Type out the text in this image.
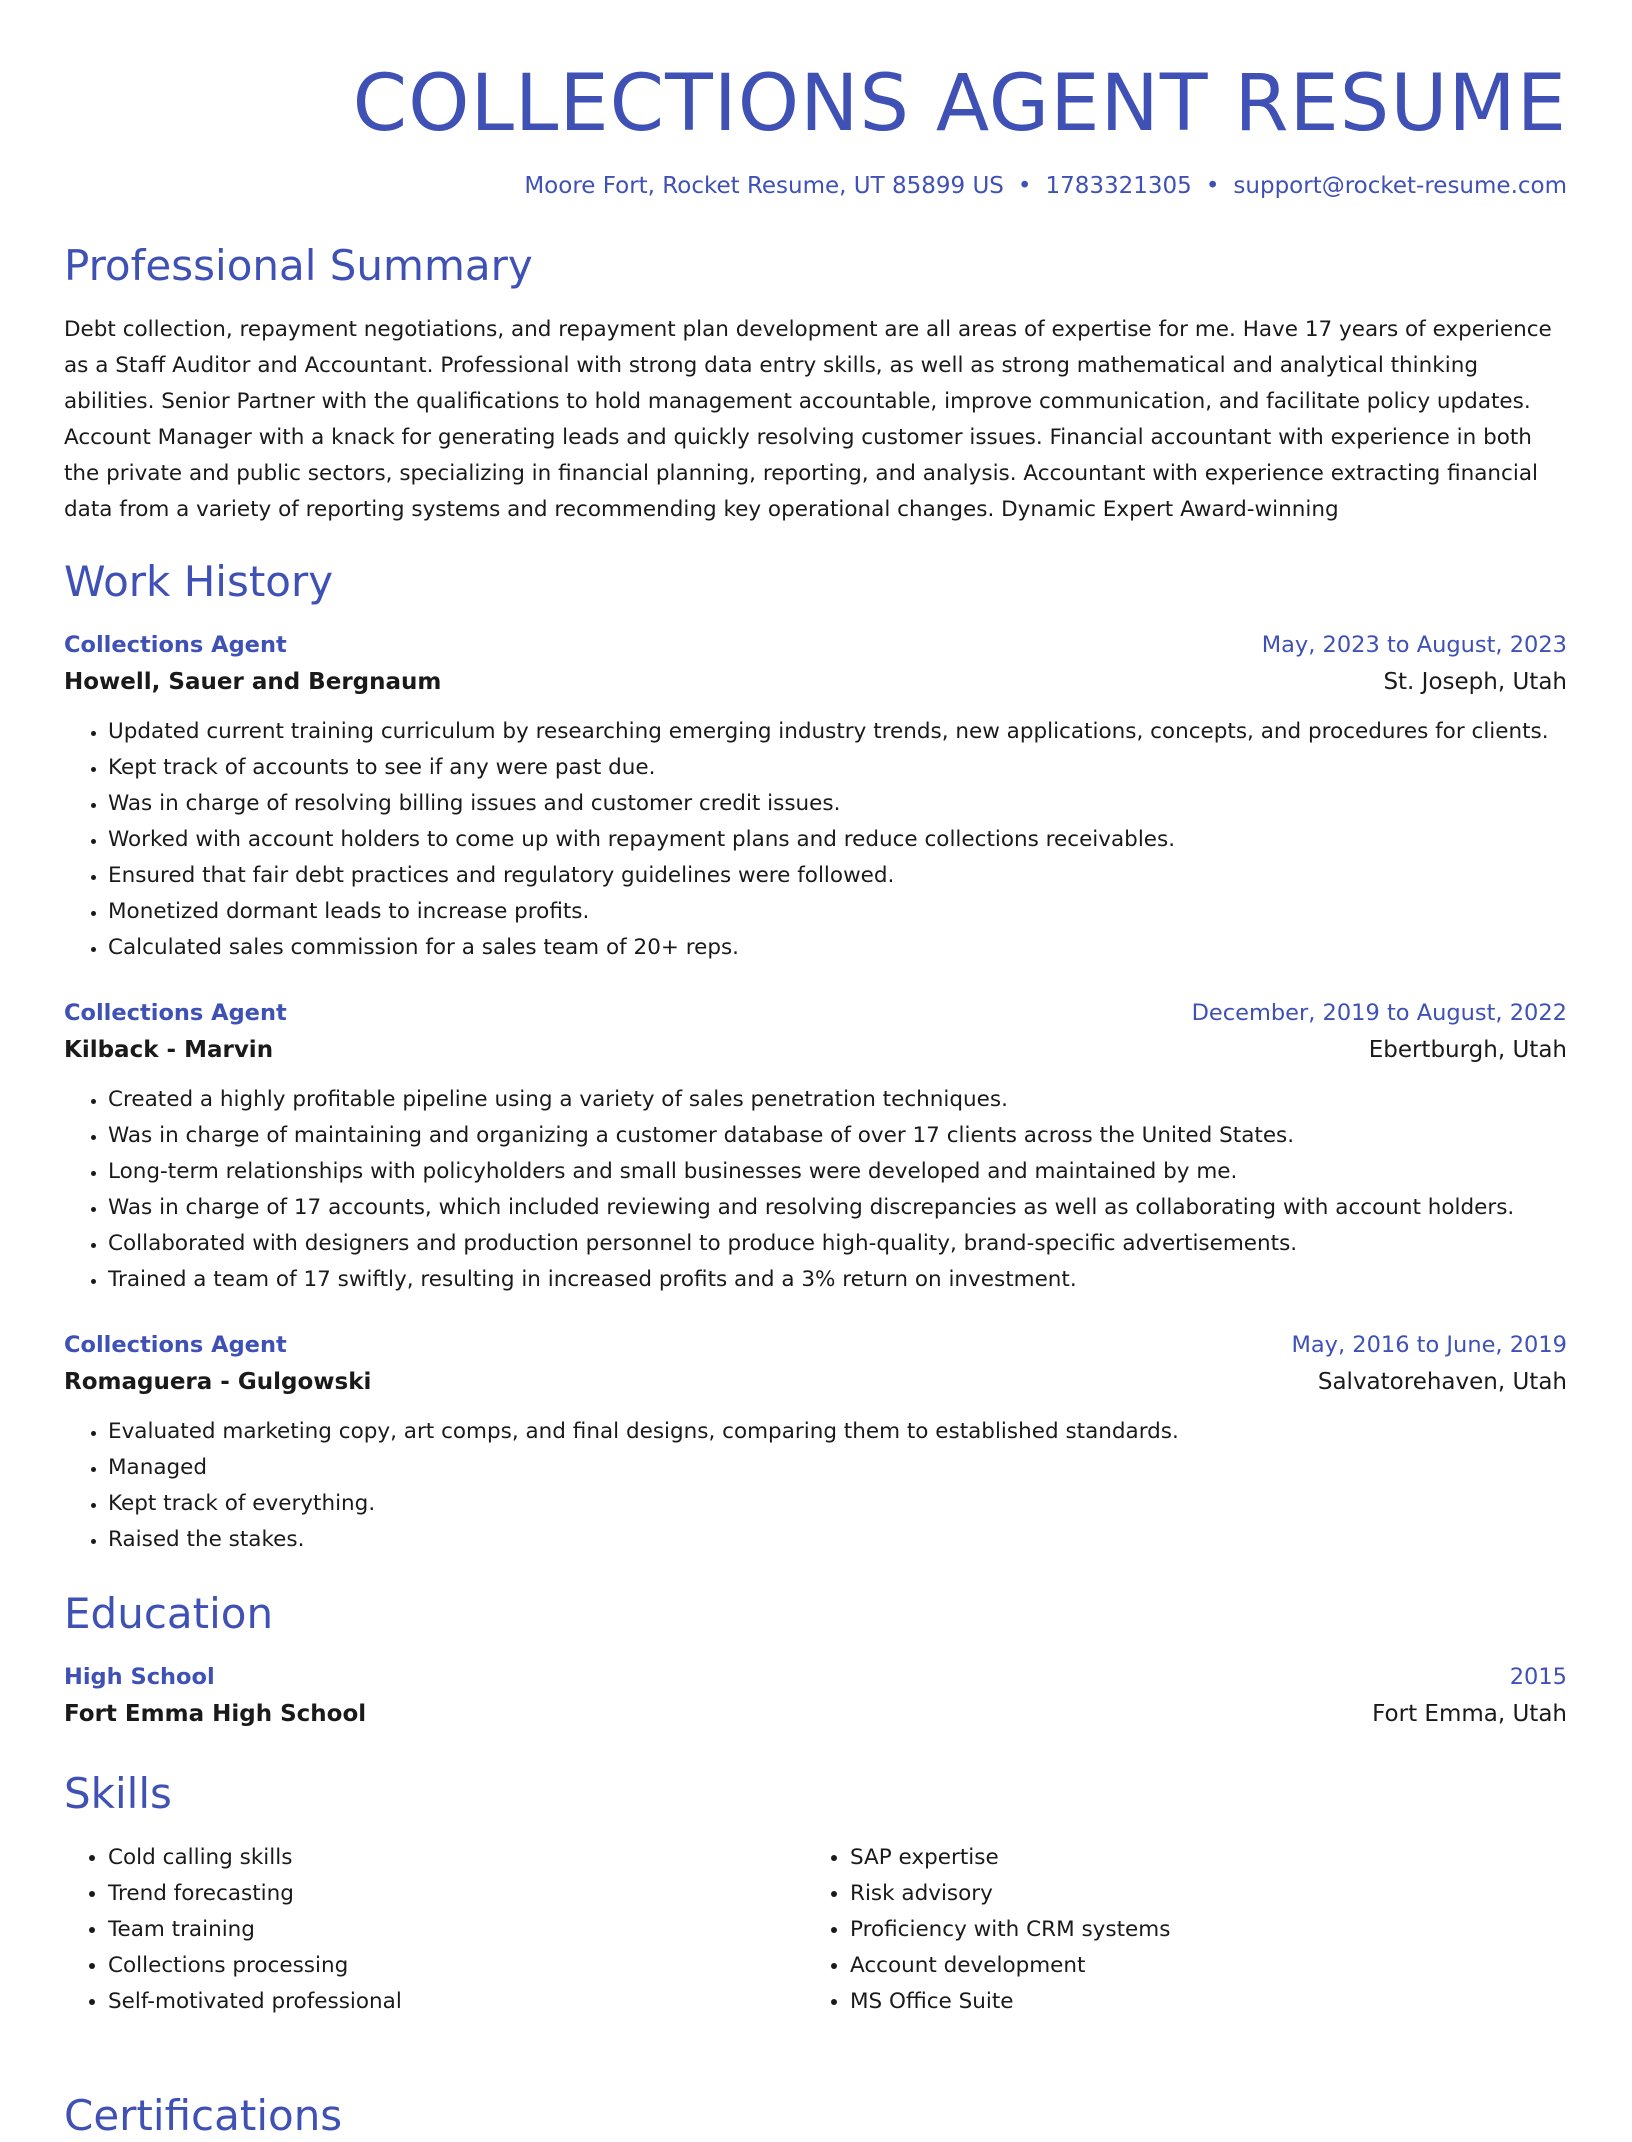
COLLECTIONS AGENT RESUME
Moore Fort, Rocket Resume, UT 85899 US • 1783321305 • support@rocket-resume.com
Professional Summary
Debt collection, repayment negotiations, and repayment plan development are all areas of expertise for me. Have 17 years of experience as a Staff Auditor and Accountant. Professional with strong data entry skills, as well as strong mathematical and analytical thinking abilities. Senior Partner with the qualifications to hold management accountable, improve communication, and facilitate policy updates. Account Manager with a knack for generating leads and quickly resolving customer issues. Financial accountant with experience in both the private and public sectors, specializing in financial planning, reporting, and analysis. Accountant with experience extracting financial data from a variety of reporting systems and recommending key operational changes. Dynamic Expert Award-winning
Work History
Collections Agent	May, 2023 to August, 2023
Howell, Sauer and Bergnaum	St. Joseph, Utah
• Updated current training curriculum by researching emerging industry trends, new applications, concepts, and procedures for clients.
• Kept track of accounts to see if any were past due.
• Was in charge of resolving billing issues and customer credit issues.
• Worked with account holders to come up with repayment plans and reduce collections receivables.
• Ensured that fair debt practices and regulatory guidelines were followed.
• Monetized dormant leads to increase profits.
• Calculated sales commission for a sales team of 20+ reps.
Collections Agent	December, 2019 to August, 2022
Kilback - Marvin	Ebertburgh, Utah
• Created a highly profitable pipeline using a variety of sales penetration techniques.
• Was in charge of maintaining and organizing a customer database of over 17 clients across the United States.
• Long-term relationships with policyholders and small businesses were developed and maintained by me.
• Was in charge of 17 accounts, which included reviewing and resolving discrepancies as well as collaborating with account holders.
• Collaborated with designers and production personnel to produce high-quality, brand-specific advertisements.
• Trained a team of 17 swiftly, resulting in increased profits and a 3% return on investment.
Collections Agent	May, 2016 to June, 2019
Romaguera - Gulgowski	Salvatorehaven, Utah
• Evaluated marketing copy, art comps, and final designs, comparing them to established standards.
• Managed
• Kept track of everything.
• Raised the stakes.
Education
High School	2015
Fort Emma High School	Fort Emma, Utah
Skills
• Cold calling skills
• Trend forecasting
• Team training
• Collections processing
• Self-motivated professional
• SAP expertise
• Risk advisory
• Proficiency with CRM systems
• Account development
• MS Office Suite
Certifications
